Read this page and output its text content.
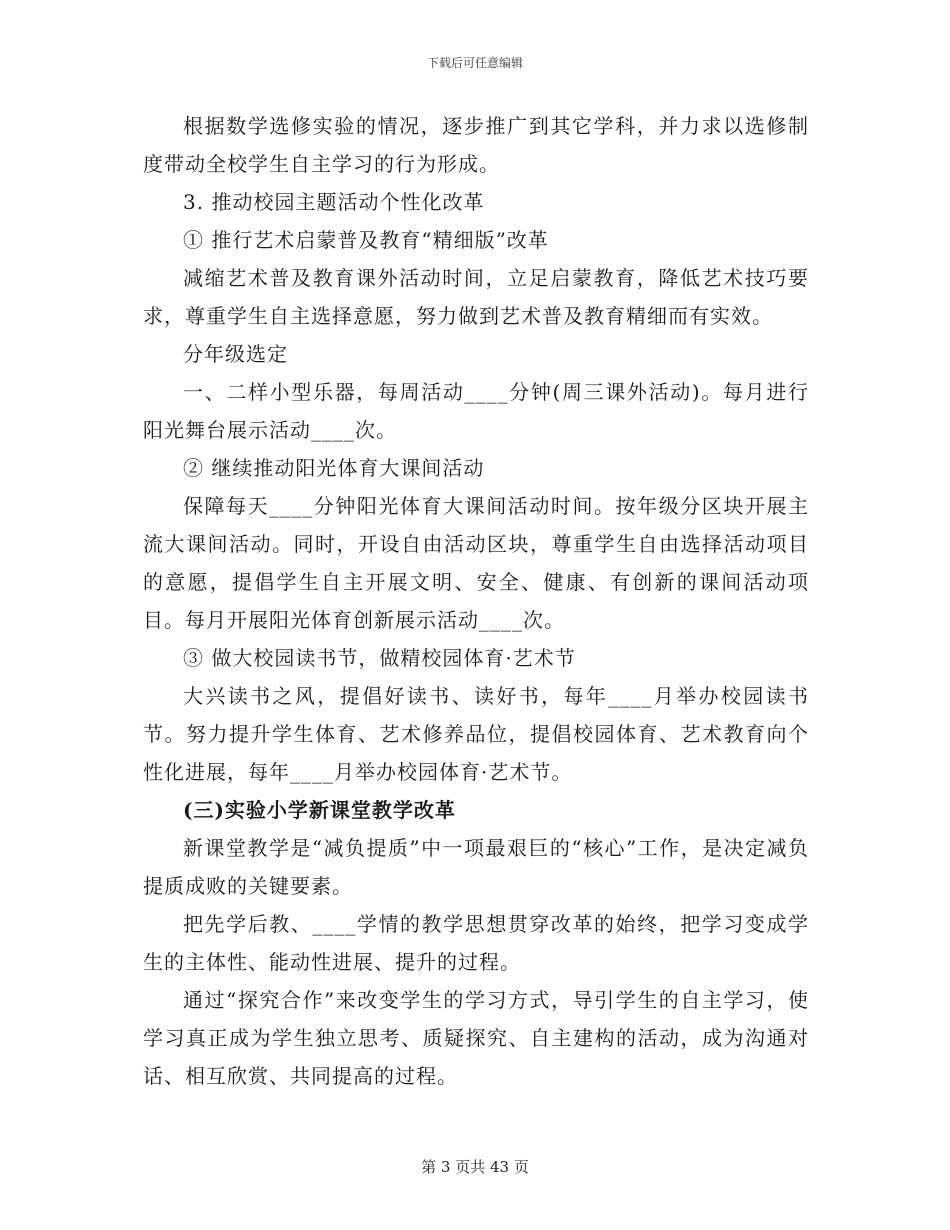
下载后可任意编辑

根据数学选修实验的情况，逐步推广到其它学科，并力求以选修制度带动全校学生自主学习的行为形成。

3. 推动校园主题活动个性化改革

① 推行艺术启蒙普及教育“精细版”改革

减缩艺术普及教育课外活动时间，立足启蒙教育，降低艺术技巧要求，尊重学生自主选择意愿，努力做到艺术普及教育精细而有实效。

分年级选定

一、二样小型乐器，每周活动____分钟(周三课外活动)。每月进行阳光舞台展示活动____次。

② 继续推动阳光体育大课间活动

保障每天____分钟阳光体育大课间活动时间。按年级分区块开展主流大课间活动。同时，开设自由活动区块，尊重学生自由选择活动项目的意愿，提倡学生自主开展文明、安全、健康、有创新的课间活动项目。每月开展阳光体育创新展示活动____次。

③ 做大校园读书节，做精校园体育·艺术节

大兴读书之风，提倡好读书、读好书，每年____月举办校园读书节。努力提升学生体育、艺术修养品位，提倡校园体育、艺术教育向个性化进展，每年____月举办校园体育·艺术节。

(三)实验小学新课堂教学改革

新课堂教学是“减负提质”中一项最艰巨的“核心”工作，是决定减负提质成败的关键要素。

把先学后教、____学情的教学思想贯穿改革的始终，把学习变成学生的主体性、能动性进展、提升的过程。

通过“探究合作”来改变学生的学习方式，导引学生的自主学习，使学习真正成为学生独立思考、质疑探究、自主建构的活动，成为沟通对话、相互欣赏、共同提高的过程。

第 3 页共 43 页
